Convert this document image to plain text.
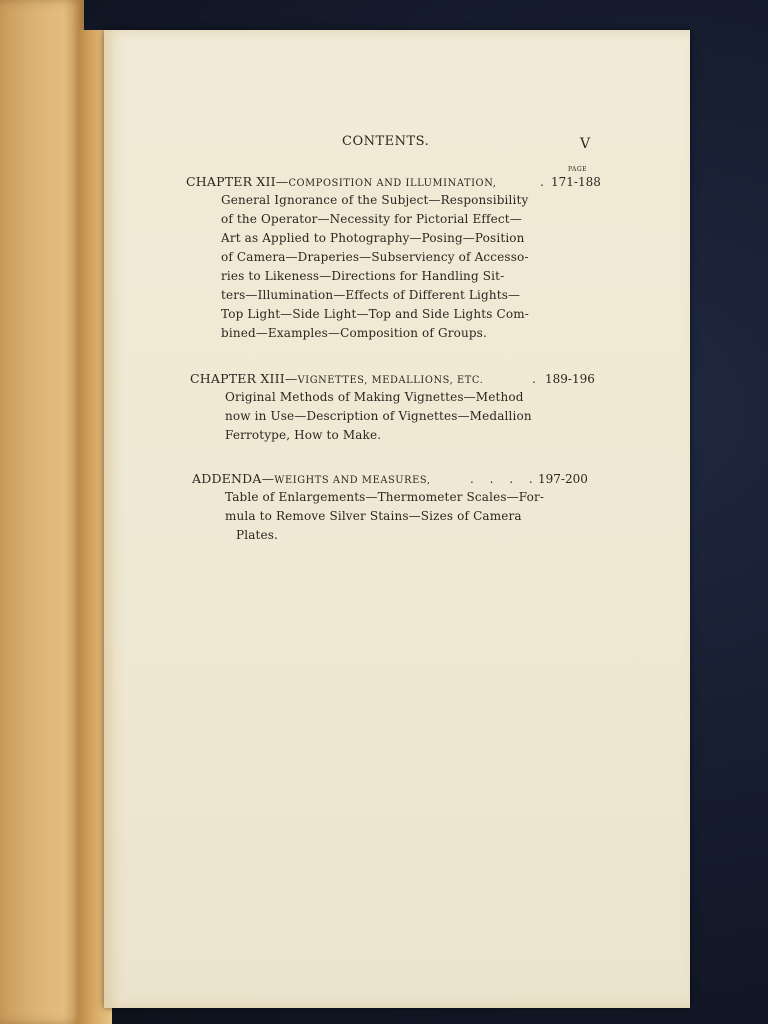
CONTENTS.	V
PAGE
CHAPTER XII—COMPOSITION AND ILLUMINATION,	. 171-188
General Ignorance of the Subject—Responsibility
of the Operator—Necessity for Pictorial Effect—
Art as Applied to Photography—Posing—Position
of Camera—Draperies—Subserviency of Accesso-
ries to Likeness—Directions for Handling Sit-
ters—Illumination—Effects of Different Lights—
Top Light—Side Light—Top and Side Lights Com-
bined—Examples—Composition of Groups.
CHAPTER XIII—VIGNETTES, MEDALLIONS, ETC.	. 189-196
Original Methods of Making Vignettes—Method
now in Use—Description of Vignettes—Medallion
Ferrotype, How to Make.
ADDENDA—WEIGHTS AND MEASURES,	. . . . 197-200
Table of Enlargements—Thermometer Scales—For-
mula to Remove Silver Stains—Sizes of Camera
Plates.
